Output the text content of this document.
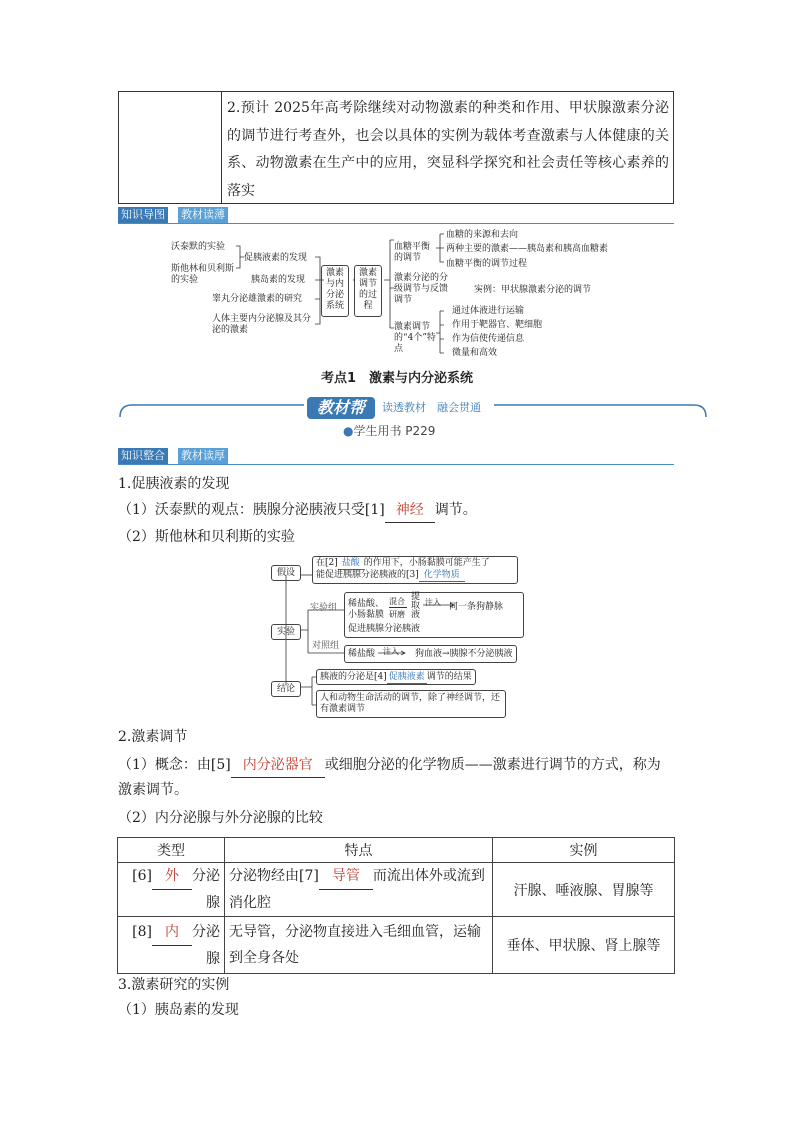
2.预计 2025年高考除继续对动物激素的种类和作用、甲状腺激素分泌的调节进行考查外，也会以具体的实例为载体考查激素与人体健康的关系、动物激素在生产中的应用，突显科学探究和社会责任等核心素养的落实
知识导图 教材读薄
沃泰默的实验
斯他林和贝利斯的实验
促胰液素的发现
胰岛素的发现
睾丸分泌雄激素的研究
人体主要内分泌腺及其分泌的激素
激素与内分泌系统
激素调节的过程
血糖平衡的调节
血糖的来源和去向
两种主要的激素——胰岛素和胰高血糖素
血糖平衡的调节过程
激素分泌的分级调节与反馈调节
实例：甲状腺激素分泌的调节
激素调节的“4个”特点
通过体液进行运输
作用于靶器官、靶细胞
作为信使传递信息
微量和高效
考点1　激素与内分泌系统
教材帮	读透教材　融会贯通
●学生用书 P229
知识整合 教材读厚
1.促胰液素的发现
（1）沃泰默的观点：胰腺分泌胰液只受[1] 神经 调节。
（2）斯他林和贝利斯的实验
假设
在[2] 盐酸 的作用下，小肠黏膜可能产生了
能促进胰腺分泌胰液的[3] 化学物质
实验
实验组 稀盐酸、
小肠黏膜
混合
研磨
提取液
注入 同一条狗静脉
促进胰腺分泌胰液
对照组
稀盐酸 注入 狗血液→胰腺不分泌胰液
结论
胰液的分泌是[4] 促胰液素 调节的结果
人和动物生命活动的调节，除了神经调节，还有激素调节
2.激素调节
（1）概念：由[5] 内分泌器官 或细胞分泌的化学物质——激素进行调节的方式，称为
激素调节。
（2）内分泌腺与外分泌腺的比较
类型	特点	实例
[6] 外 分泌腺	分泌物经由[7] 导管 而流出体外或流到消化腔	汗腺、唾液腺、胃腺等
[8] 内 分泌腺	无导管，分泌物直接进入毛细血管，运输到全身各处	垂体、甲状腺、肾上腺等
3.激素研究的实例
（1）胰岛素的发现
